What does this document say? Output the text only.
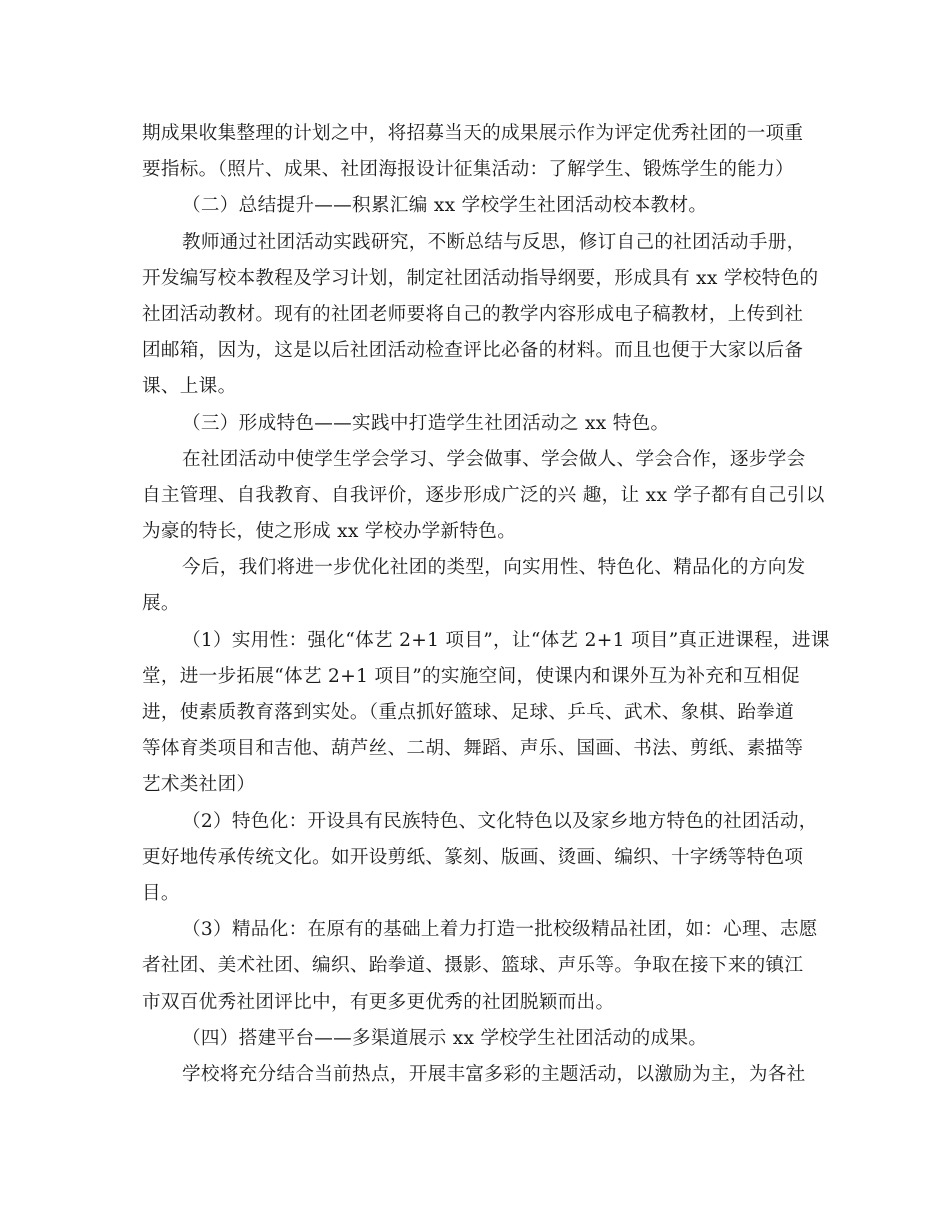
期成果收集整理的计划之中，将招募当天的成果展示作为评定优秀社团的一项重
要指标。（照片、成果、社团海报设计征集活动：了解学生、锻炼学生的能力）
（二）总结提升——积累汇编 xx 学校学生社团活动校本教材。
教师通过社团活动实践研究，不断总结与反思，修订自己的社团活动手册，
开发编写校本教程及学习计划，制定社团活动指导纲要，形成具有 xx 学校特色的
社团活动教材。现有的社团老师要将自己的教学内容形成电子稿教材，上传到社
团邮箱，因为，这是以后社团活动检查评比必备的材料。而且也便于大家以后备
课、上课。
（三）形成特色——实践中打造学生社团活动之 xx 特色。
在社团活动中使学生学会学习、学会做事、学会做人、学会合作，逐步学会
自主管理、自我教育、自我评价，逐步形成广泛的兴 趣，让 xx 学子都有自己引以
为豪的特长，使之形成 xx 学校办学新特色。
今后，我们将进一步优化社团的类型，向实用性、特色化、精品化的方向发
展。
（1）实用性：强化“体艺 2+1 项目”，让“体艺 2+1 项目”真正进课程，进课
堂，进一步拓展“体艺 2+1 项目”的实施空间，使课内和课外互为补充和互相促
进，使素质教育落到实处。（重点抓好篮球、足球、乒乓、武术、象棋、跆拳道
等体育类项目和吉他、葫芦丝、二胡、舞蹈、声乐、国画、书法、剪纸、素描等
艺术类社团）
（2）特色化：开设具有民族特色、文化特色以及家乡地方特色的社团活动，
更好地传承传统文化。如开设剪纸、篆刻、版画、烫画、编织、十字绣等特色项
目。
（3）精品化：在原有的基础上着力打造一批校级精品社团，如：心理、志愿
者社团、美术社团、编织、跆拳道、摄影、篮球、声乐等。争取在接下来的镇江
市双百优秀社团评比中，有更多更优秀的社团脱颖而出。
（四）搭建平台——多渠道展示 xx 学校学生社团活动的成果。
学校将充分结合当前热点，开展丰富多彩的主题活动，以激励为主，为各社
